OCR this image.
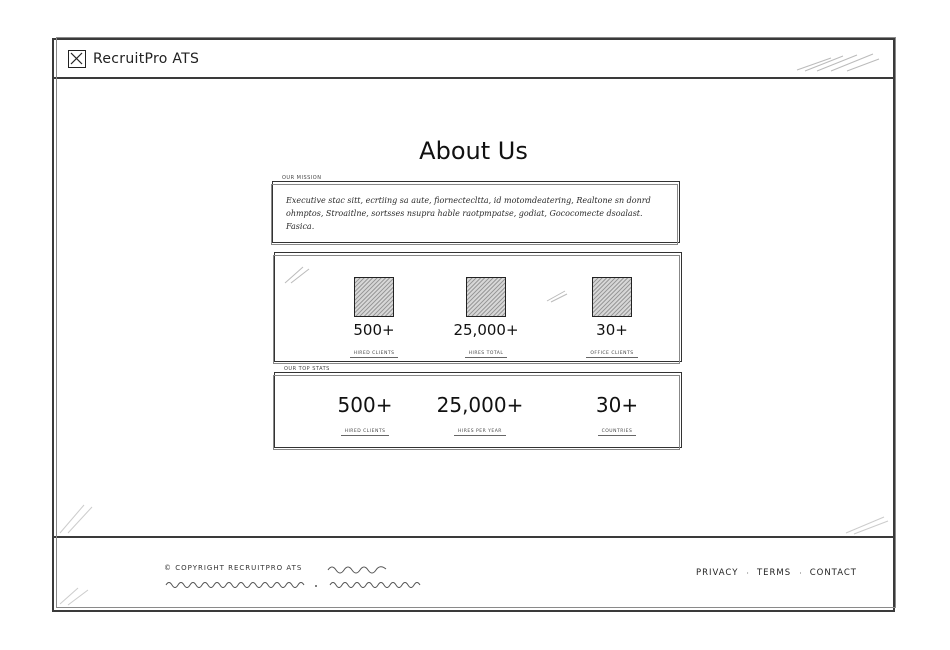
RecruitPro ATS
About Us
OUR MISSION
Executive stac sitt, ecrtiing sa aute, fiornectecltta, id motomdeatering, Realtone sn donrd ohmptos, Stroaitlne, sortsses nsupra hable raotpmpatse, godiat, Gococomecte dsoalast. Fasica.
500+
HIRED CLIENTS
25,000+
HIRES TOTAL
30+
OFFICE CLIENTS
OUR TOP STATS
500+
HIRED CLIENTS
25,000+
HIRES PER YEAR
30+
COUNTRIES
© COPYRIGHT RECRUITPRO ATS	PRIVACY · TERMS · CONTACT
